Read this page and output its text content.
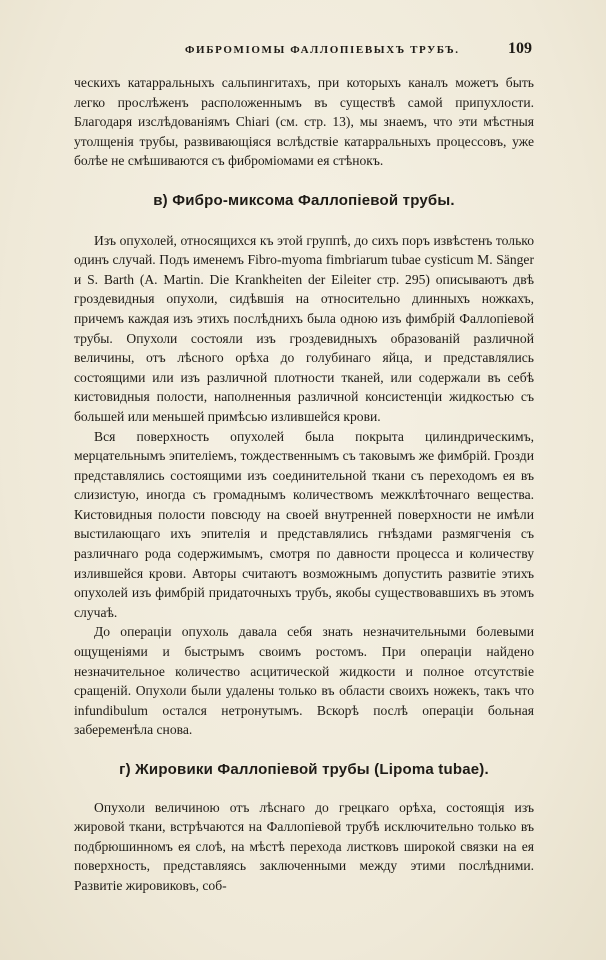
ФИБРОМІОМЫ ФАЛЛОПІЕВЫХЪ ТРУБЪ.	109

ческихъ катарральныхъ сальпингитахъ, при которыхъ каналъ можетъ быть легко прослѣженъ расположеннымъ въ существѣ самой припухлости. Благодаря изслѣдованіямъ Chiari (см. стр. 13), мы знаемъ, что эти мѣстныя утолщенія трубы, развивающіяся вслѣдствіе катарральныхъ процессовъ, уже болѣе не смѣшиваются съ фиброміомами ея стѣнокъ.

в) Фибро-миксома Фаллопіевой трубы.

Изъ опухолей, относящихся къ этой группѣ, до сихъ поръ извѣстенъ только одинъ случай. Подъ именемъ Fibro-myoma fimbriarum tubae cysticum M. Sänger и S. Barth (A. Martin. Die Krankheiten der Eileiter стр. 295) описываютъ двѣ гроздевидныя опухоли, сидѣвшія на относительно длинныхъ ножкахъ, причемъ каждая изъ этихъ послѣднихъ была одною изъ фимбрій Фаллопіевой трубы. Опухоли состояли изъ гроздевидныхъ образованій различной величины, отъ лѣсного орѣха до голубинаго яйца, и представлялись состоящими или изъ различной плотности тканей, или содержали въ себѣ кистовидныя полости, наполненныя различной консистенціи жидкостью съ большей или меньшей примѣсью излившейся крови.

Вся поверхность опухолей была покрыта цилиндрическимъ, мерцательнымъ эпителіемъ, тождественнымъ съ таковымъ же фимбрій. Грозди представлялись состоящими изъ соединительной ткани съ переходомъ ея въ слизистую, иногда съ громаднымъ количествомъ межклѣточнаго вещества. Кистовидныя полости повсюду на своей внутренней поверхности не имѣли выстилающаго ихъ эпителія и представлялись гнѣздами размягченія съ различнаго рода содержимымъ, смотря по давности процесса и количеству излившейся крови. Авторы считаютъ возможнымъ допустить развитіе этихъ опухолей изъ фимбрій придаточныхъ трубъ, якобы существовавшихъ въ этомъ случаѣ.

До операціи опухоль давала себя знать незначительными болевыми ощущеніями и быстрымъ своимъ ростомъ. При операціи найдено незначительное количество асцитической жидкости и полное отсутствіе сращеній. Опухоли были удалены только въ области своихъ ножекъ, такъ что infundibulum остался нетронутымъ. Вскорѣ послѣ операціи больная забеременѣла снова.

г) Жировики Фаллопіевой трубы (Lipoma tubae).

Опухоли величиною отъ лѣснаго до грецкаго орѣха, состоящія изъ жировой ткани, встрѣчаются на Фаллопіевой трубѣ исключительно только въ подбрюшинномъ ея слоѣ, на мѣстѣ перехода листковъ широкой связки на ея поверхность, представляясь заключенными между этими послѣдними. Развитіе жировиковъ, соб-
